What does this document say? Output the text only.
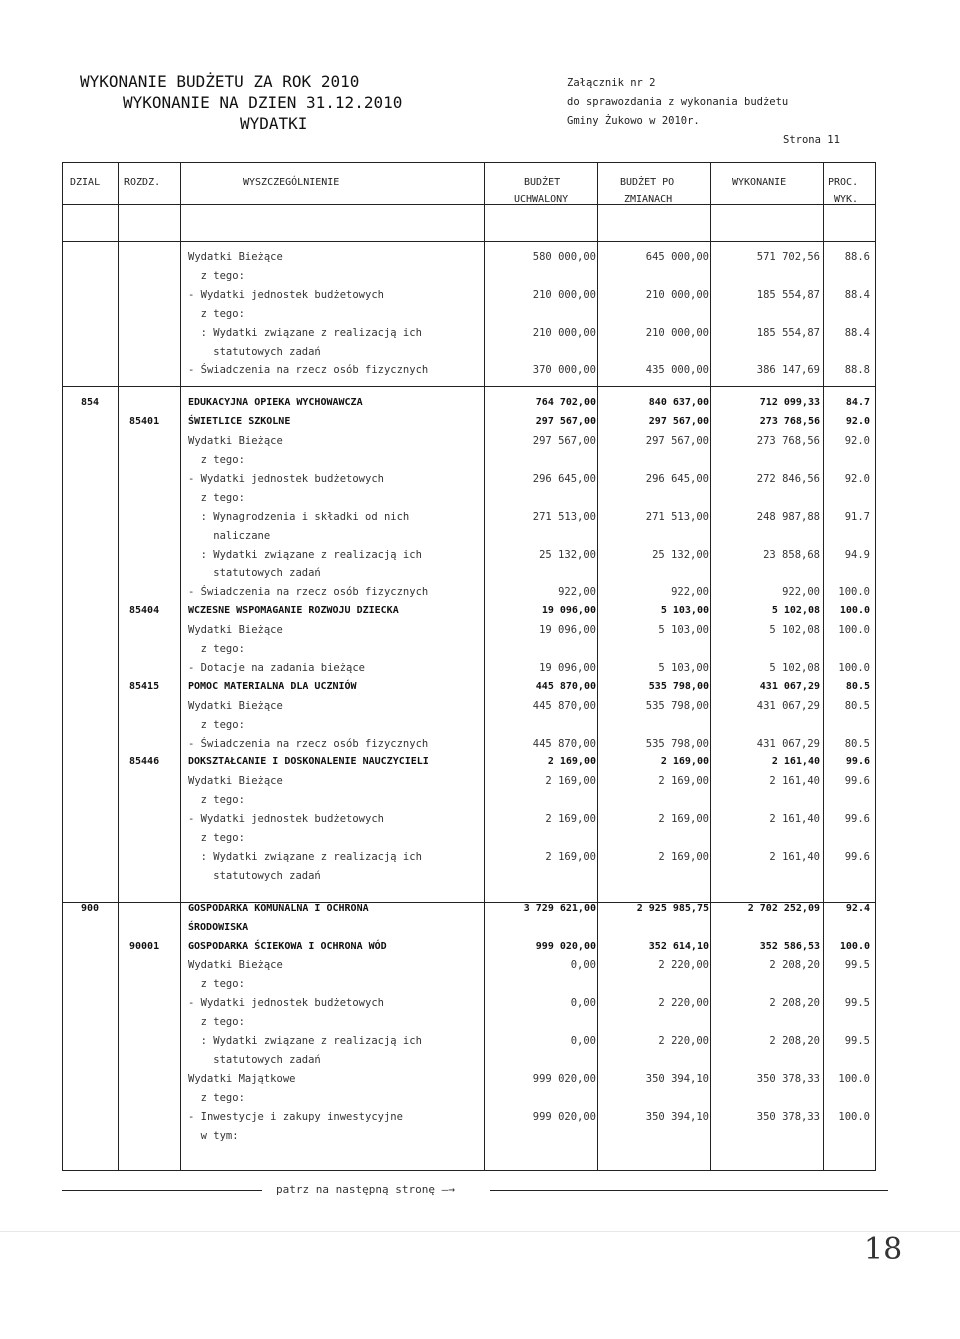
WYKONANIE BUDŻETU ZA ROK 2010
WYKONANIE NA DZIEN 31.12.2010
WYDATKI
Załącznik nr 2
do sprawozdania z wykonania budżetu
Gminy Żukowo w 2010r.
Strona 11
DZIAL ROZDZ.	WYSZCZEGÓLNIENIE	BUDŻET
UCHWALONY
BUDŻET PO
ZMIANACH
WYKONANIE	PROC.
WYK.
Wydatki Bieżące	580 000,00	645 000,00	571 702,56	88.6
z tego:
- Wydatki jednostek budżetowych	210 000,00	210 000,00	185 554,87	88.4
z tego:
: Wydatki związane z realizacją ich	210 000,00	210 000,00	185 554,87	88.4
statutowych zadań
- Świadczenia na rzecz osób fizycznych	370 000,00	435 000,00	386 147,69	88.8
854	EDUKACYJNA OPIEKA WYCHOWAWCZA	764 702,00	840 637,00	712 099,33	84.7
85401	ŚWIETLICE SZKOLNE	297 567,00	297 567,00	273 768,56	92.0
Wydatki Bieżące	297 567,00	297 567,00	273 768,56	92.0
z tego:
- Wydatki jednostek budżetowych	296 645,00	296 645,00	272 846,56	92.0
z tego:
: Wynagrodzenia i składki od nich	271 513,00	271 513,00	248 987,88	91.7
naliczane
: Wydatki związane z realizacją ich	25 132,00	25 132,00	23 858,68	94.9
statutowych zadań
- Świadczenia na rzecz osób fizycznych	922,00	922,00	922,00	100.0
85404	WCZESNE WSPOMAGANIE ROZWOJU DZIECKA	19 096,00	5 103,00	5 102,08	100.0
Wydatki Bieżące	19 096,00	5 103,00	5 102,08	100.0
z tego:
- Dotacje na zadania bieżące	19 096,00	5 103,00	5 102,08	100.0
85415	POMOC MATERIALNA DLA UCZNIÓW	445 870,00	535 798,00	431 067,29	80.5
Wydatki Bieżące	445 870,00	535 798,00	431 067,29	80.5
z tego:
- Świadczenia na rzecz osób fizycznych	445 870,00	535 798,00	431 067,29	80.5
85446	DOKSZTAŁCANIE I DOSKONALENIE NAUCZYCIELI	2 169,00	2 169,00	2 161,40	99.6
Wydatki Bieżące	2 169,00	2 169,00	2 161,40	99.6
z tego:
- Wydatki jednostek budżetowych	2 169,00	2 169,00	2 161,40	99.6
z tego:
: Wydatki związane z realizacją ich	2 169,00	2 169,00	2 161,40	99.6
statutowych zadań
900	GOSPODARKA KOMUNALNA I OCHRONA	3 729 621,00	2 925 985,75	2 702 252,09	92.4
ŚRODOWISKA
90001	GOSPODARKA ŚCIEKOWA I OCHRONA WÓD	999 020,00	352 614,10	352 586,53	100.0
Wydatki Bieżące	0,00	2 220,00	2 208,20	99.5
z tego:
- Wydatki jednostek budżetowych	0,00	2 220,00	2 208,20	99.5
z tego:
: Wydatki związane z realizacją ich	0,00	2 220,00	2 208,20	99.5
statutowych zadań
Wydatki Majątkowe	999 020,00	350 394,10	350 378,33	100.0
z tego:
- Inwestycje i zakupy inwestycyjne	999 020,00	350 394,10	350 378,33	100.0
w tym:
patrz na następną stronę —→
18
